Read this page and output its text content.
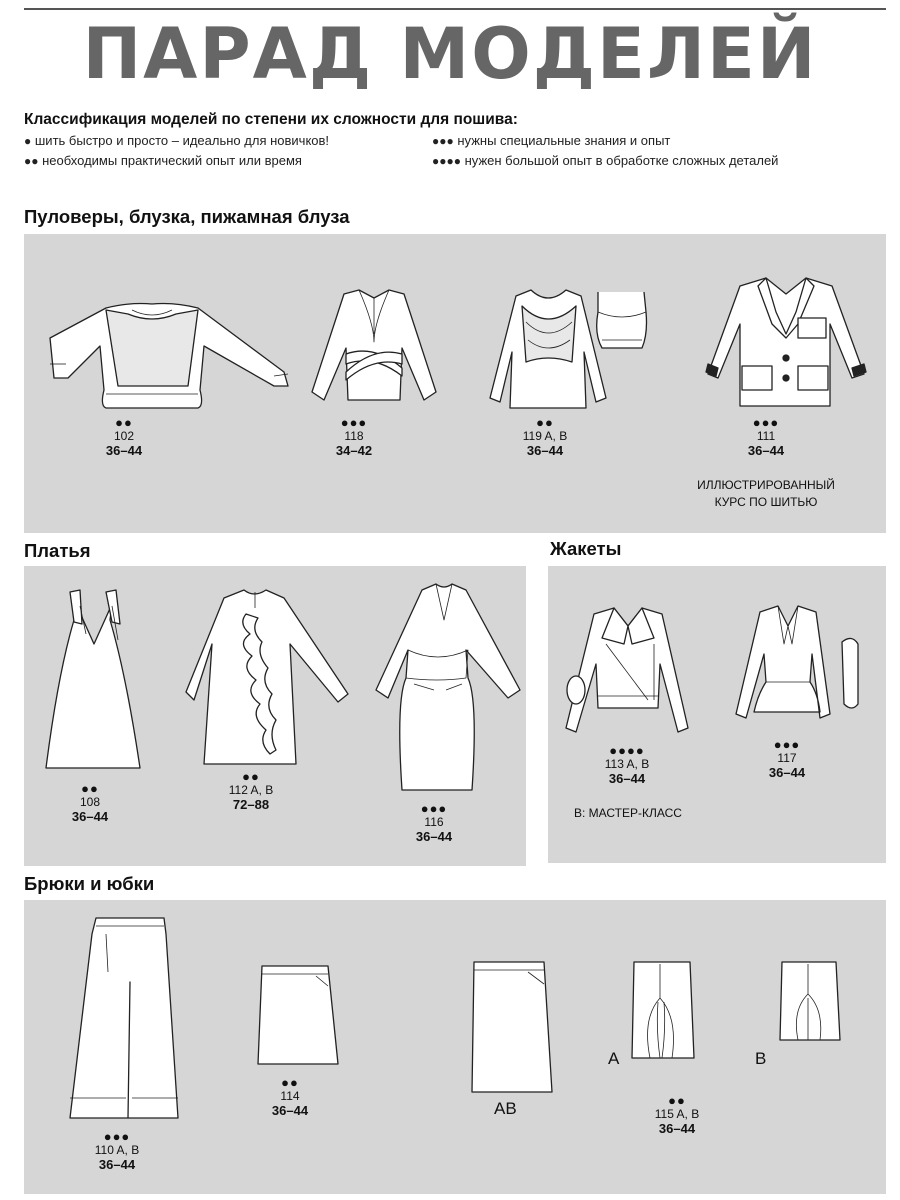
ПАРАД МОДЕЛЕЙ
Классификация моделей по степени их сложности для пошива:
● шить быстро и просто – идеально для новичков!
●● необходимы практический опыт или время
●●● нужны специальные знания и опыт
●●●● нужен большой опыт в обработке сложных деталей
Пуловеры, блузка, пижамная блуза
●●
102
36–44
●●●
118
34–42
●●
119 A, B
36–44
●●●
111
36–44
ИЛЛЮСТРИРОВАННЫЙ
КУРС ПО ШИТЬЮ
Платья
●●
108
36–44
●●
112 A, B
72–88	●●●
116
36–44
Жакеты
●●●●
113 A, B
36–44
●●●
117
36–44
B: МАСТЕР-КЛАСС
Брюки и юбки
AB
A	B
●●●
110 A, B
36–44
●●
114
36–44
●●
115 A, B
36–44
